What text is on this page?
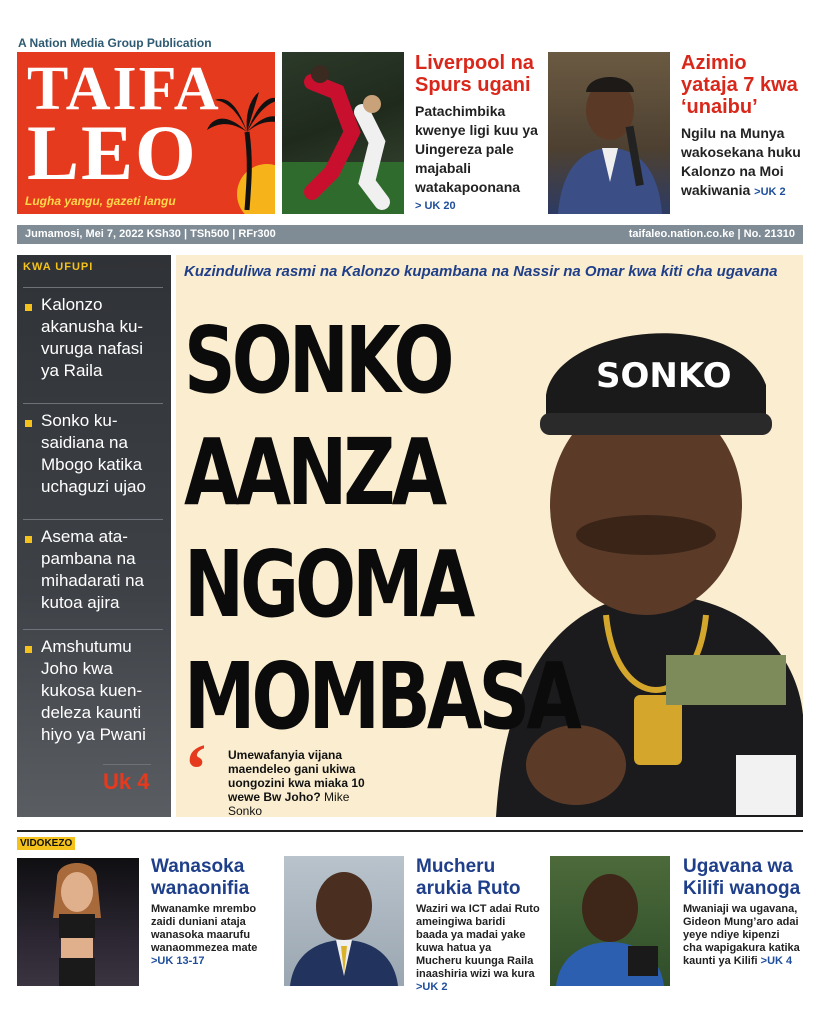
A Nation Media Group Publication
TAIFA
LEO
Lugha yangu, gazeti langu
Liverpool na
Spurs ugani
Patachimbika kwenye ligi kuu ya Uingereza pale majabali watakapoonana
> UK 20
Azimio
yataja 7 kwa
‘unaibu’
Ngilu na Munya wakosekana huku Kalonzo na Moi wakiwania >UK 2
Jumamosi, Mei 7, 2022 KSh30 | TSh500 | RFr300	taifaleo.nation.co.ke | No. 21310
KWA UFUPI
Kalonzo akanusha ku-vuruga nafasi ya Raila
Sonko ku-saidiana na Mbogo katika uchaguzi ujao
Asema ata-pambana na mihadarati na kutoa ajira
Amshutumu Joho kwa kukosa kuen-deleza kaunti hiyo ya Pwani
Uk 4
Kuzinduliwa rasmi na Kalonzo kupambana na Nassir na Omar kwa kiti cha ugavana
SONKO
SONKO
AANZA
NGOMA
MOMBASA
‘ Umewafanyia vijana maendeleo gani ukiwa uongozini kwa miaka 10 wewe Bw Joho? Mike Sonko
VIDOKEZO
Wanasoka
wanaonifia
Mwanamke mrembo zaidi duniani ataja wanasoka maarufu wanaommezea mate >UK 13-17
Mucheru
arukia Ruto
Waziri wa ICT adai Ruto ameingiwa baridi baada ya madai yake kuwa hatua ya Mucheru kuunga Raila inaashiria wizi wa kura >UK 2
Ugavana wa
Kilifi wanoga
Mwaniaji wa ugavana, Gideon Mung’aro adai yeye ndiye kipenzi cha wapigakura katika kaunti ya Kilifi >UK 4
